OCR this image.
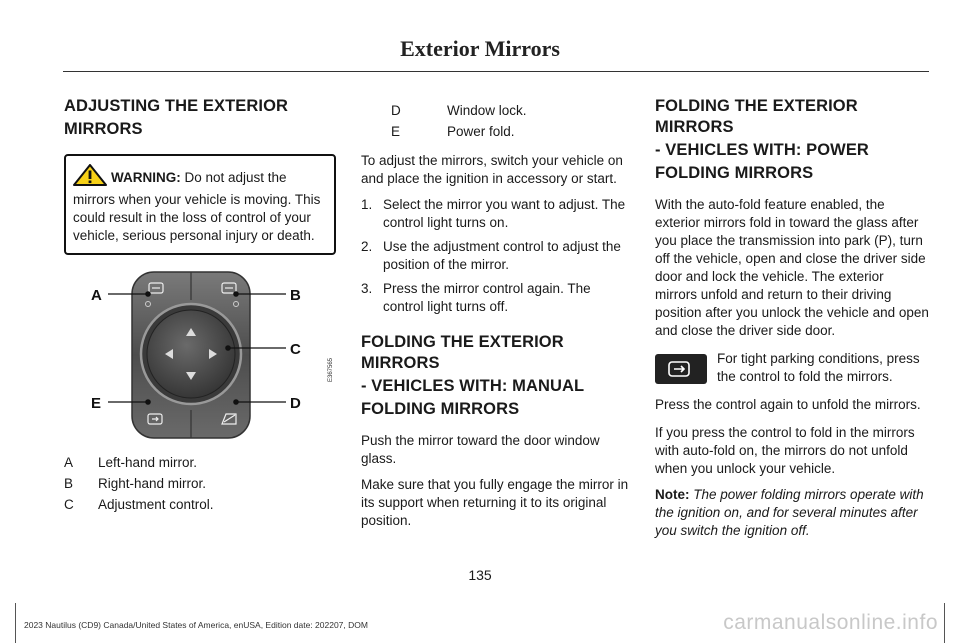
Exterior Mirrors
ADJUSTING THE EXTERIOR
MIRRORS
WARNING: Do not adjust the mirrors when your vehicle is moving. This could result in the loss of control of your vehicle, serious personal injury or death.
A	B
C
E	D
E367565
A	Left-hand mirror.
B	Right-hand mirror.
C	Adjustment control.
D	Window lock.
E	Power fold.

To adjust the mirrors, switch your vehicle on and place the ignition in accessory or start.

1. Select the mirror you want to adjust. The control light turns on.
2. Use the adjustment control to adjust the position of the mirror.
3. Press the mirror control again. The control light turns off.
FOLDING THE EXTERIOR MIRRORS
- VEHICLES WITH: MANUAL
FOLDING MIRRORS

Push the mirror toward the door window glass.

Make sure that you fully engage the mirror in its support when returning it to its original position.

FOLDING THE EXTERIOR MIRRORS
- VEHICLES WITH: POWER
FOLDING MIRRORS

With the auto-fold feature enabled, the exterior mirrors fold in toward the glass after you place the transmission into park (P), turn off the vehicle, open and close the driver side door and lock the vehicle. The exterior mirrors unfold and return to their driving position after you unlock the vehicle and open and close the driver side door.

For tight parking conditions, press the control to fold the mirrors.

Press the control again to unfold the mirrors.

If you press the control to fold in the mirrors with auto-fold on, the mirrors do not unfold when you unlock your vehicle.

Note: The power folding mirrors operate with the ignition on, and for several minutes after you switch the ignition off.

135
2023 Nautilus (CD9) Canada/United States of America, enUSA, Edition date: 202207, DOM	carmanualsonline.info
